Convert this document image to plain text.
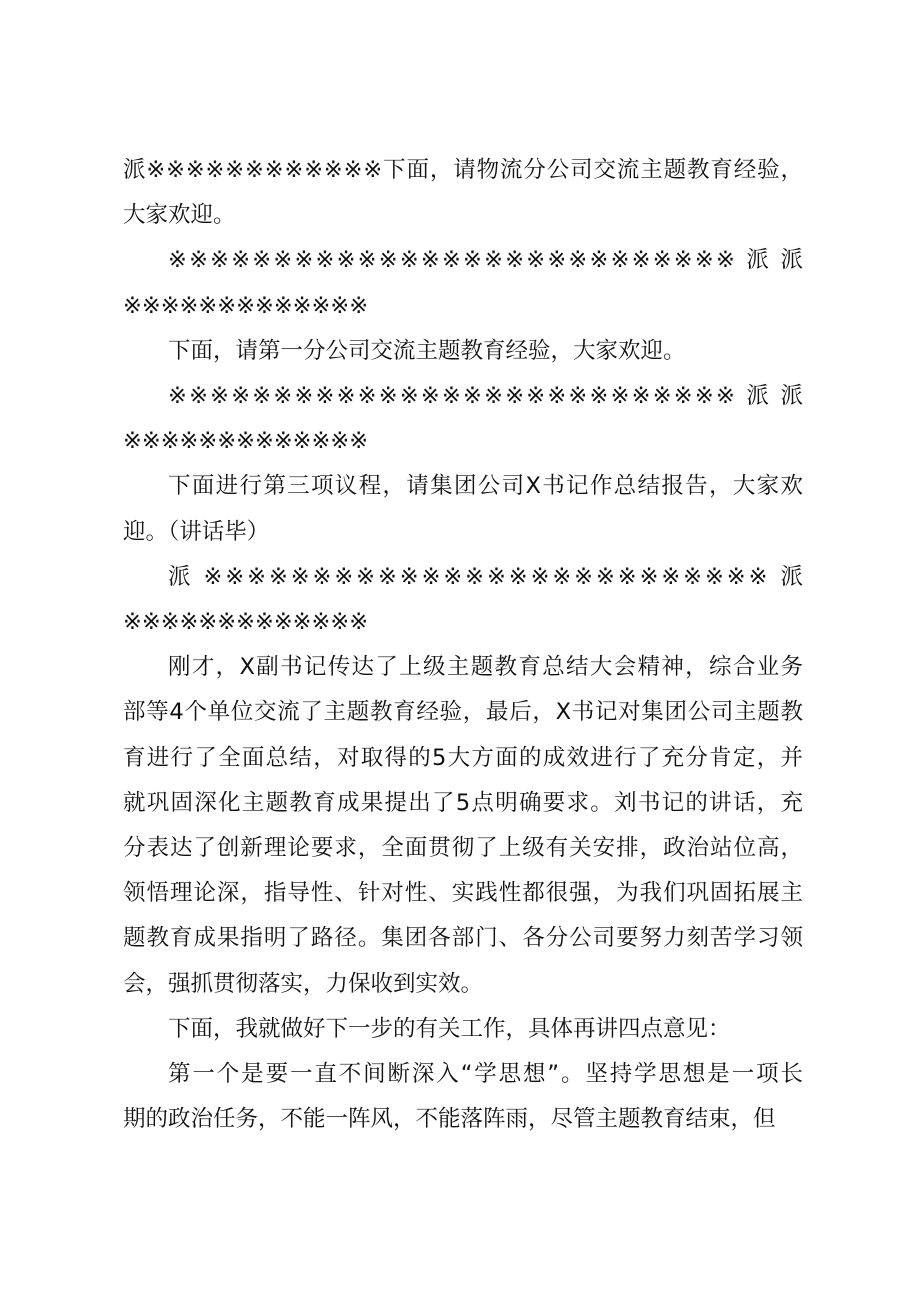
派※※※※※※※※※※※※下面，请物流分公司交流主题教育经验，
大家欢迎。
※※※※※※※※※※※※※※※※※※※※※※※※※※※ 派 派
※※※※※※※※※※※※※
下面，请第一分公司交流主题教育经验，大家欢迎。
※※※※※※※※※※※※※※※※※※※※※※※※※※※ 派 派
※※※※※※※※※※※※※
下面进行第三项议程，请集团公司X书记作总结报告，大家欢
迎。（讲话毕）
派 ※※※※※※※※※※※※※※※※※※※※※※※※※※ 派
※※※※※※※※※※※※※
刚才，X副书记传达了上级主题教育总结大会精神，综合业务
部等4个单位交流了主题教育经验，最后，X书记对集团公司主题教
育进行了全面总结，对取得的5大方面的成效进行了充分肯定，并
就巩固深化主题教育成果提出了5点明确要求。刘书记的讲话，充
分表达了创新理论要求，全面贯彻了上级有关安排，政治站位高，
领悟理论深，指导性、针对性、实践性都很强，为我们巩固拓展主
题教育成果指明了路径。集团各部门、各分公司要努力刻苦学习领
会，强抓贯彻落实，力保收到实效。
下面，我就做好下一步的有关工作，具体再讲四点意见：
第一个是要一直不间断深入“学思想”。坚持学思想是一项长
期的政治任务，不能一阵风，不能落阵雨，尽管主题教育结束，但
